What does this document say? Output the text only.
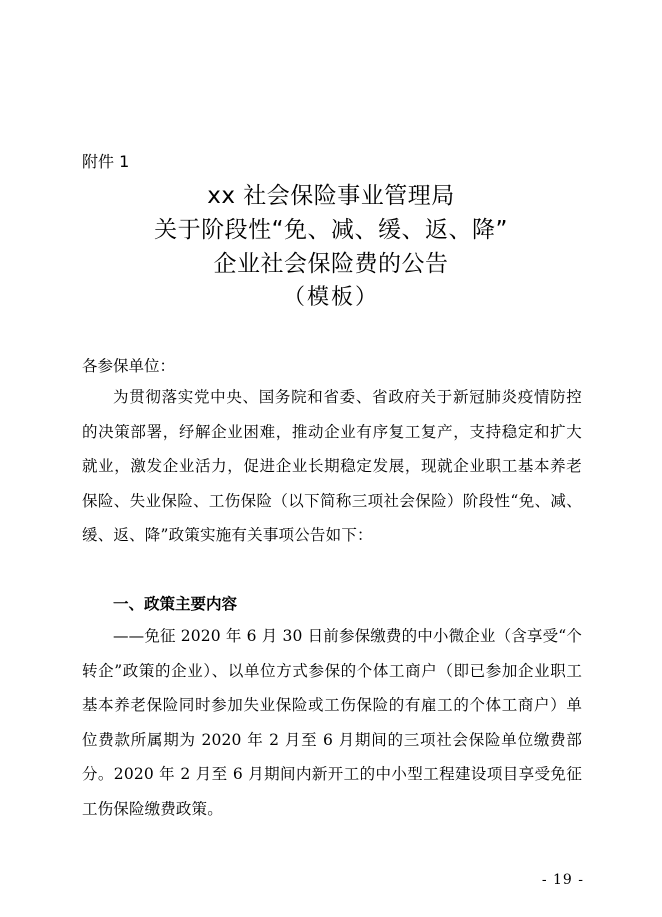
附件 1
xx 社会保险事业管理局
关于阶段性“免、减、缓、返、降”
企业社会保险费的公告
（模板）
各参保单位：

为贯彻落实党中央、国务院和省委、省政府关于新冠肺炎疫情防控的决策部署，纾解企业困难，推动企业有序复工复产，支持稳定和扩大就业，激发企业活力，促进企业长期稳定发展，现就企业职工基本养老保险、失业保险、工伤保险（以下简称三项社会保险）阶段性“免、减、缓、返、降”政策实施有关事项公告如下：

一、政策主要内容

——免征 2020 年 6 月 30 日前参保缴费的中小微企业（含享受“个转企”政策的企业）、以单位方式参保的个体工商户（即已参加企业职工基本养老保险同时参加失业保险或工伤保险的有雇工的个体工商户）单位费款所属期为 2020 年 2 月至 6 月期间的三项社会保险单位缴费部分。2020 年 2 月至 6 月期间内新开工的中小型工程建设项目享受免征工伤保险缴费政策。

- 19 -
